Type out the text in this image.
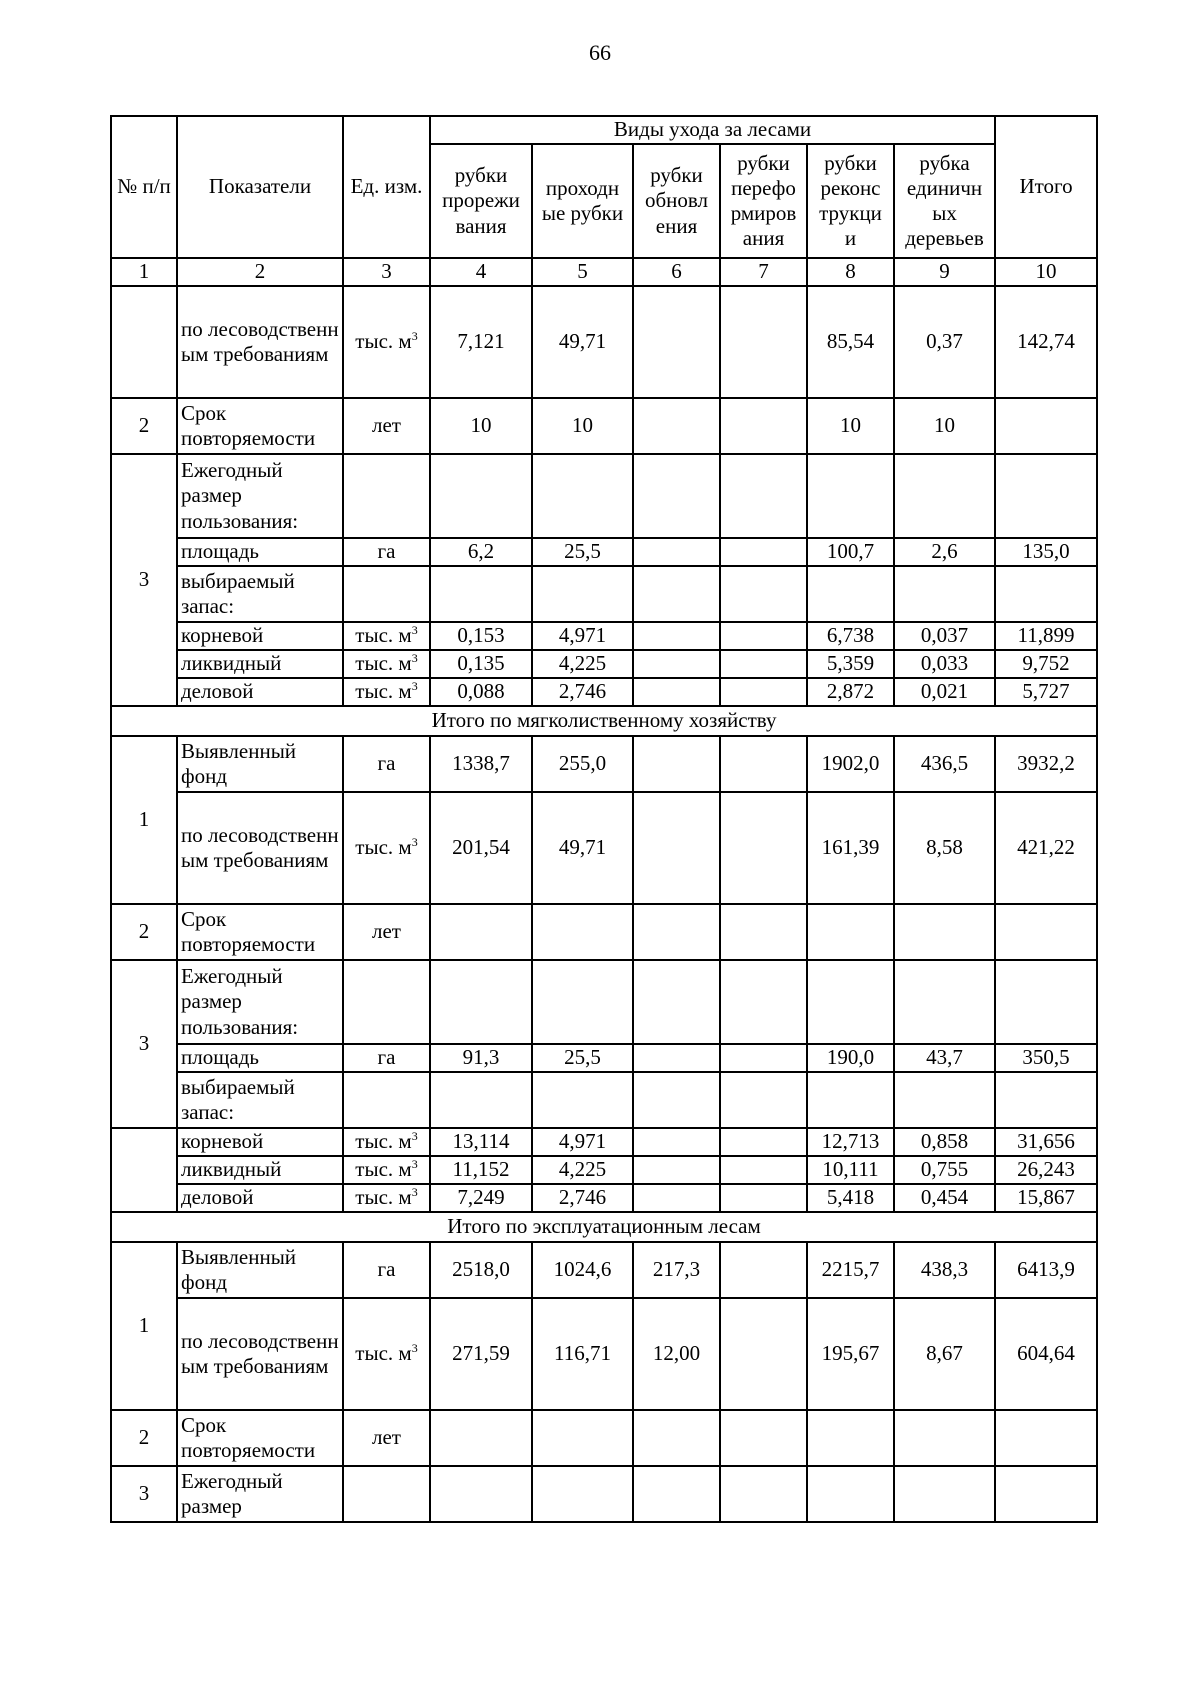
66
№ п/п	Показатели	Ед. изм.	Виды ухода за лесами						Итого
			рубки прорежи вания	проходн ые рубки	рубки обновл ения	рубки перефо рмиров ания	рубки реконс трукци и	рубка единичн ых деревьев	
1	2	3	4	5	6	7	8	9	10
	по лесоводственн ым требованиям	тыс. $м^3$	7,121	49,71			85,54	0,37	142,74
2	Срок повторяемости	лет	10	10			10	10	
3	Ежегодный размер пользования:								
	площадь	га	6,2	25,5			100,7	2,6	135,0
	выбираемый запас:								
	корневой	тыс. $м^3$	0,153	4,971			6,738	0,037	11,899
	ликвидный	тыс. $м^3$	0,135	4,225			5,359	0,033	9,752
	деловой	тыс. $м^3$	0,088	2,746			2,872	0,021	5,727
Итого по мягколиственному хозяйству									
1	Выявленный фонд	га	1338,7	255,0			1902,0	436,5	3932,2
	по лесоводственн ым требованиям	тыс. $м^3$	201,54	49,71			161,39	8,58	421,22
2	Срок повторяемости	лет							
3	Ежегодный размер пользования:								
	площадь	га	91,3	25,5			190,0	43,7	350,5
	выбираемый запас:								
	корневой	тыс. $м^3$	13,114	4,971			12,713	0,858	31,656
	ликвидный	тыс. $м^3$	11,152	4,225			10,111	0,755	26,243
	деловой	тыс. $м^3$	7,249	2,746			5,418	0,454	15,867
Итого по эксплуатационным лесам									
1	Выявленный фонд	га	2518,0	1024,6	217,3		2215,7	438,3	6413,9
	по лесоводственн ым требованиям	тыс. $м^3$	271,59	116,71	12,00		195,67	8,67	604,64
2	Срок повторяемости	лет							
3	Ежегодный размер								
